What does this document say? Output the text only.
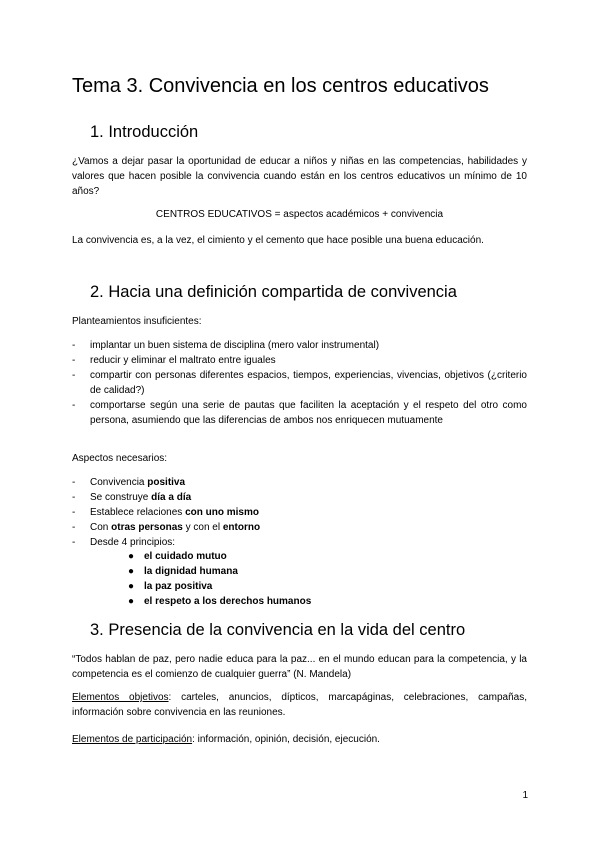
Tema 3. Convivencia en los centros educativos
1. Introducción

¿Vamos a dejar pasar la oportunidad de educar a niños y niñas en las competencias, habilidades y valores que hacen posible la convivencia cuando están en los centros educativos un mínimo de 10 años?

CENTROS EDUCATIVOS = aspectos académicos + convivencia

La convivencia es, a la vez, el cimiento y el cemento que hace posible una buena educación.

2. Hacia una definición compartida de convivencia

Planteamientos insuficientes:

- implantar un buen sistema de disciplina (mero valor instrumental)
- reducir y eliminar el maltrato entre iguales
- compartir con personas diferentes espacios, tiempos, experiencias, vivencias, objetivos (¿criterio de calidad?)
- comportarse según una serie de pautas que faciliten la aceptación y el respeto del otro como persona, asumiendo que las diferencias de ambos nos enriquecen mutuamente

Aspectos necesarios:

- Convivencia positiva
- Se construye día a día
- Establece relaciones con uno mismo
- Con otras personas y con el entorno
- Desde 4 principios:
● el cuidado mutuo
● la dignidad humana
● la paz positiva
● el respeto a los derechos humanos
3. Presencia de la convivencia en la vida del centro

“Todos hablan de paz, pero nadie educa para la paz... en el mundo educan para la competencia, y la competencia es el comienzo de cualquier guerra” (N. Mandela)

Elementos objetivos: carteles, anuncios, dípticos, marcapáginas, celebraciones, campañas, información sobre convivencia en las reuniones.

Elementos de participación: información, opinión, decisión, ejecución.

1
